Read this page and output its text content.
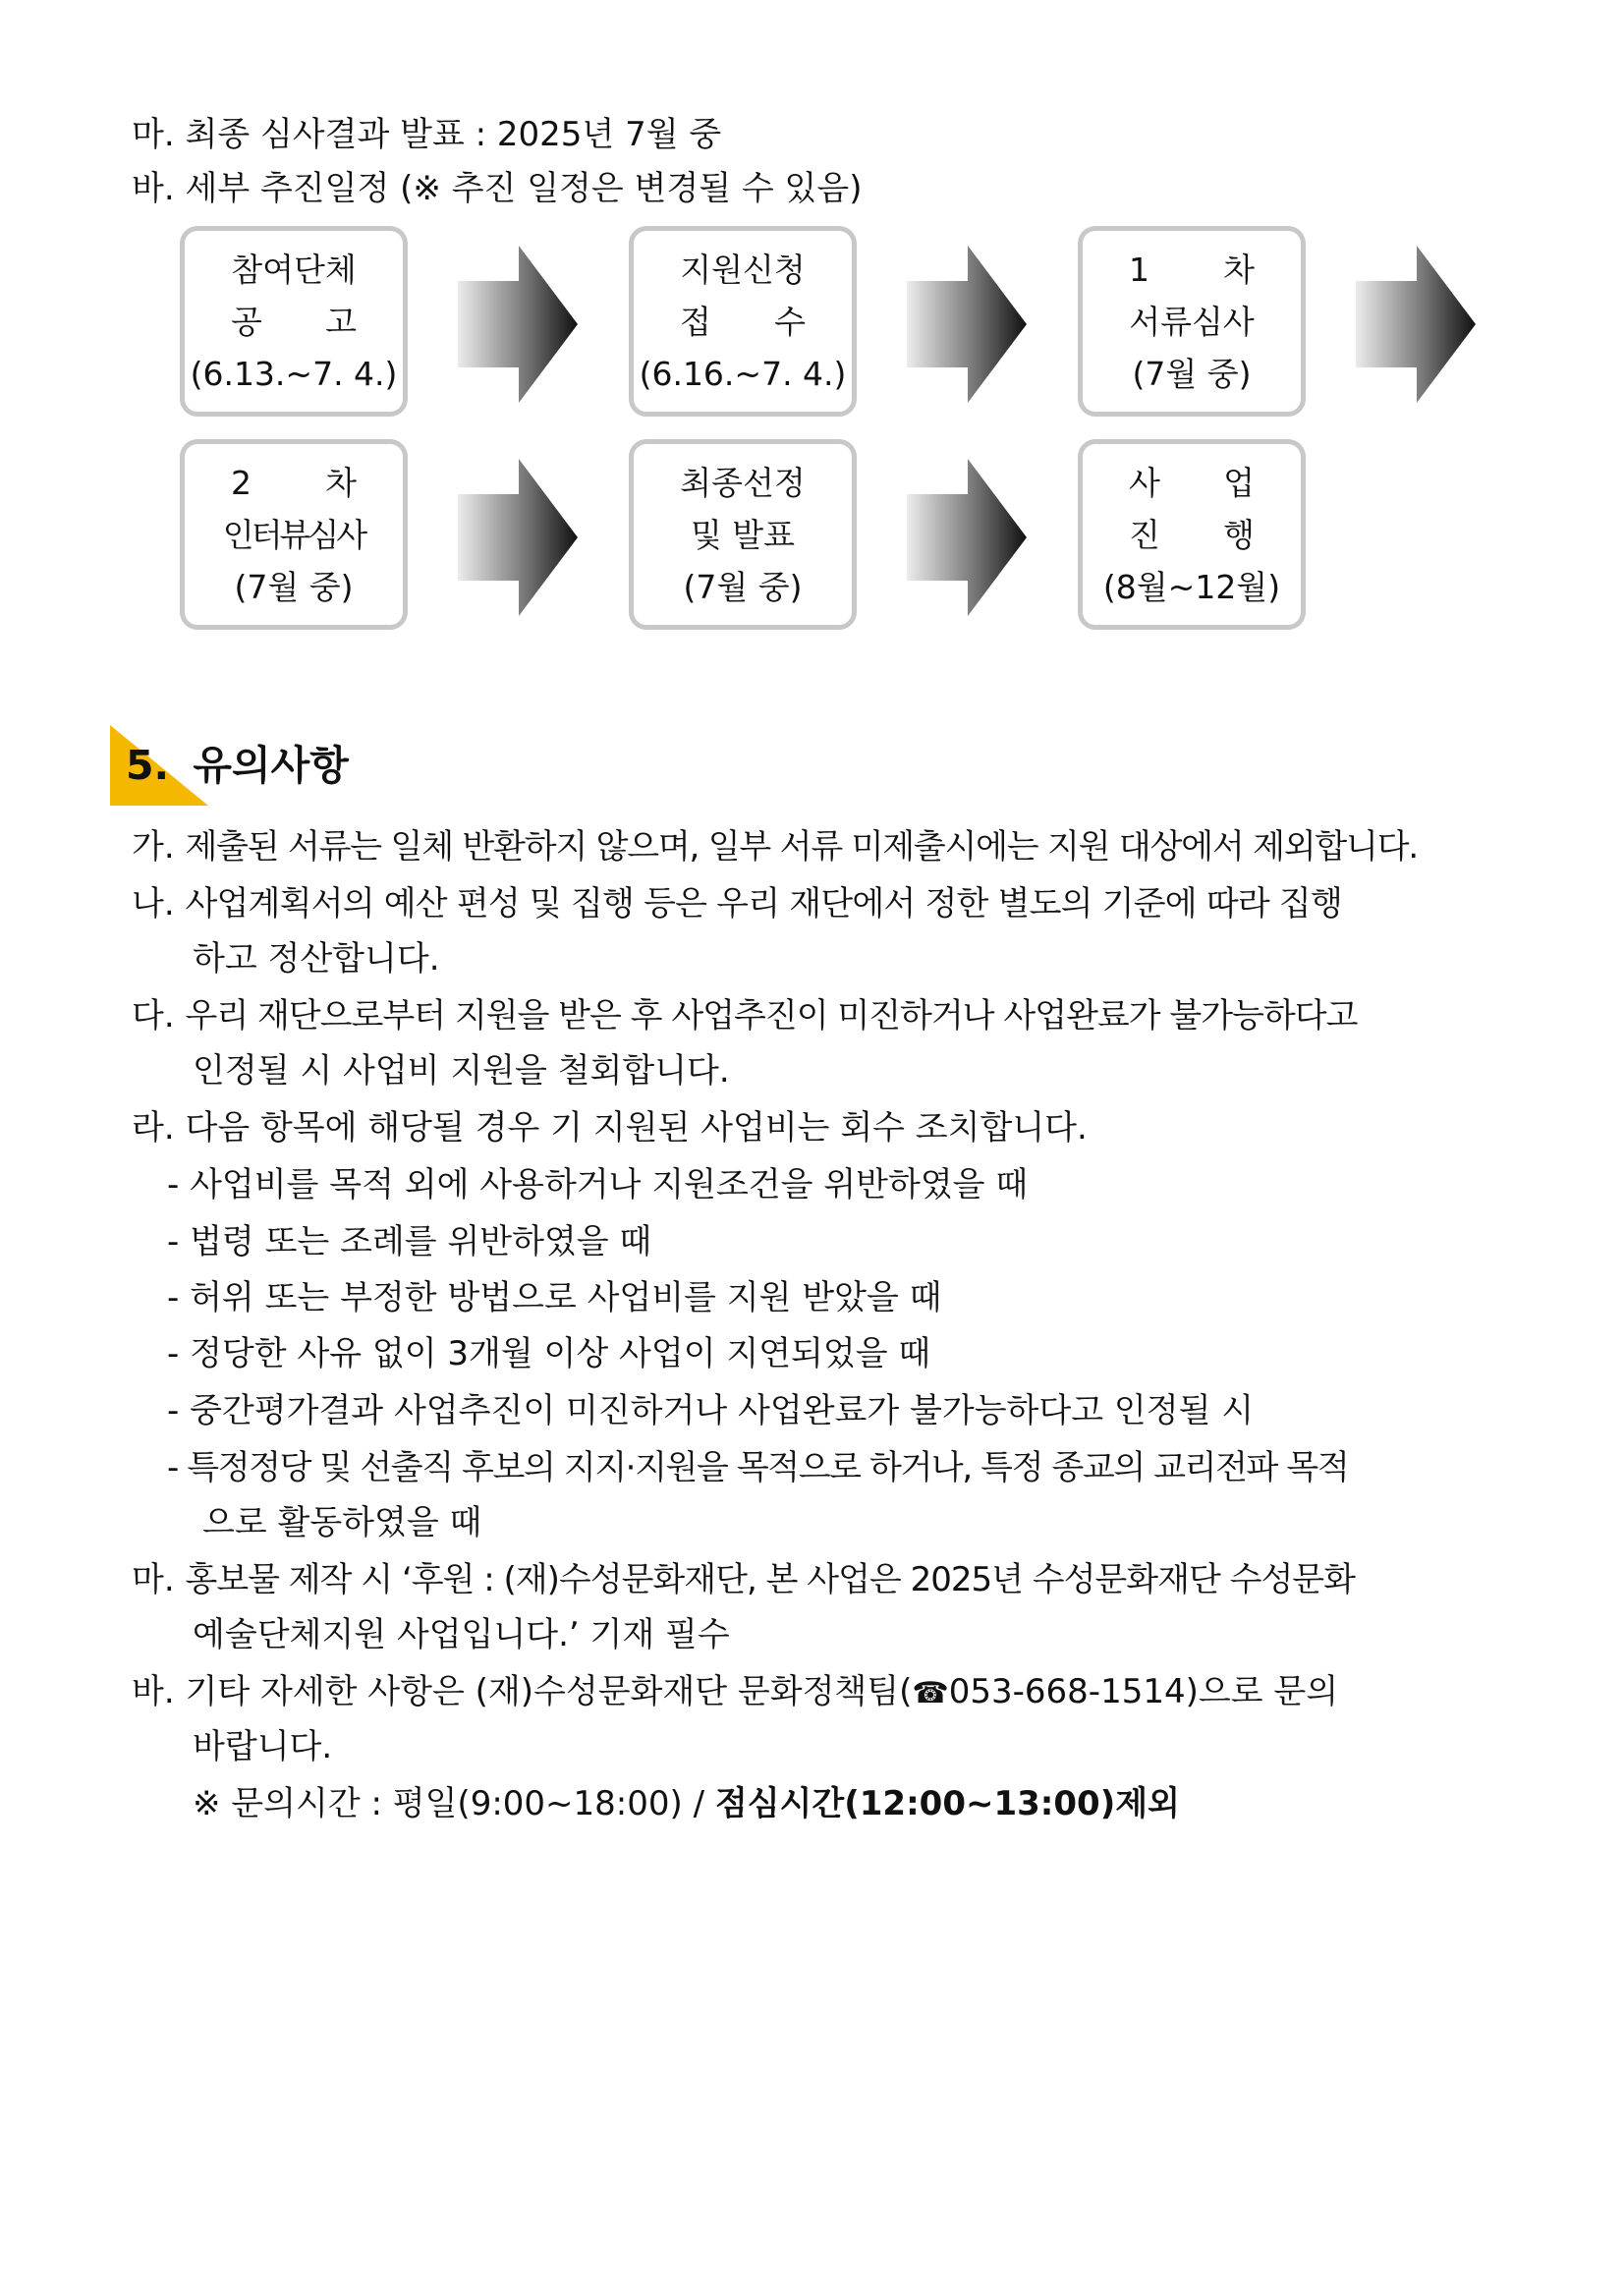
마. 최종 심사결과 발표 : 2025년 7월 중
바. 세부 추진일정 (※ 추진 일정은 변경될 수 있음)
참여단체
공 고
(6.13.~7. 4.)
지원신청
접 수
(6.16.~7. 4.)
1 차
서류심사
(7월 중)
2 차
인터뷰심사
(7월 중)
최종선정
및 발표
(7월 중)
사 업
진 행
(8월~12월)
5. 유의사항
가. 제출된 서류는 일체 반환하지 않으며, 일부 서류 미제출시에는 지원 대상에서 제외합니다.
나. 사업계획서의 예산 편성 및 집행 등은 우리 재단에서 정한 별도의 기준에 따라 집행
하고 정산합니다.
다. 우리 재단으로부터 지원을 받은 후 사업추진이 미진하거나 사업완료가 불가능하다고
인정될 시 사업비 지원을 철회합니다.
라. 다음 항목에 해당될 경우 기 지원된 사업비는 회수 조치합니다.
- 사업비를 목적 외에 사용하거나 지원조건을 위반하였을 때
- 법령 또는 조례를 위반하였을 때
- 허위 또는 부정한 방법으로 사업비를 지원 받았을 때
- 정당한 사유 없이 3개월 이상 사업이 지연되었을 때
- 중간평가결과 사업추진이 미진하거나 사업완료가 불가능하다고 인정될 시
- 특정정당 및 선출직 후보의 지지·지원을 목적으로 하거나, 특정 종교의 교리전파 목적
으로 활동하였을 때
마. 홍보물 제작 시 ‘후원 : (재)수성문화재단, 본 사업은 2025년 수성문화재단 수성문화
예술단체지원 사업입니다.’ 기재 필수
바. 기타 자세한 사항은 (재)수성문화재단 문화정책팀(☎053-668-1514)으로 문의
바랍니다.
※ 문의시간 : 평일(9:00~18:00) / 점심시간(12:00~13:00)제외
